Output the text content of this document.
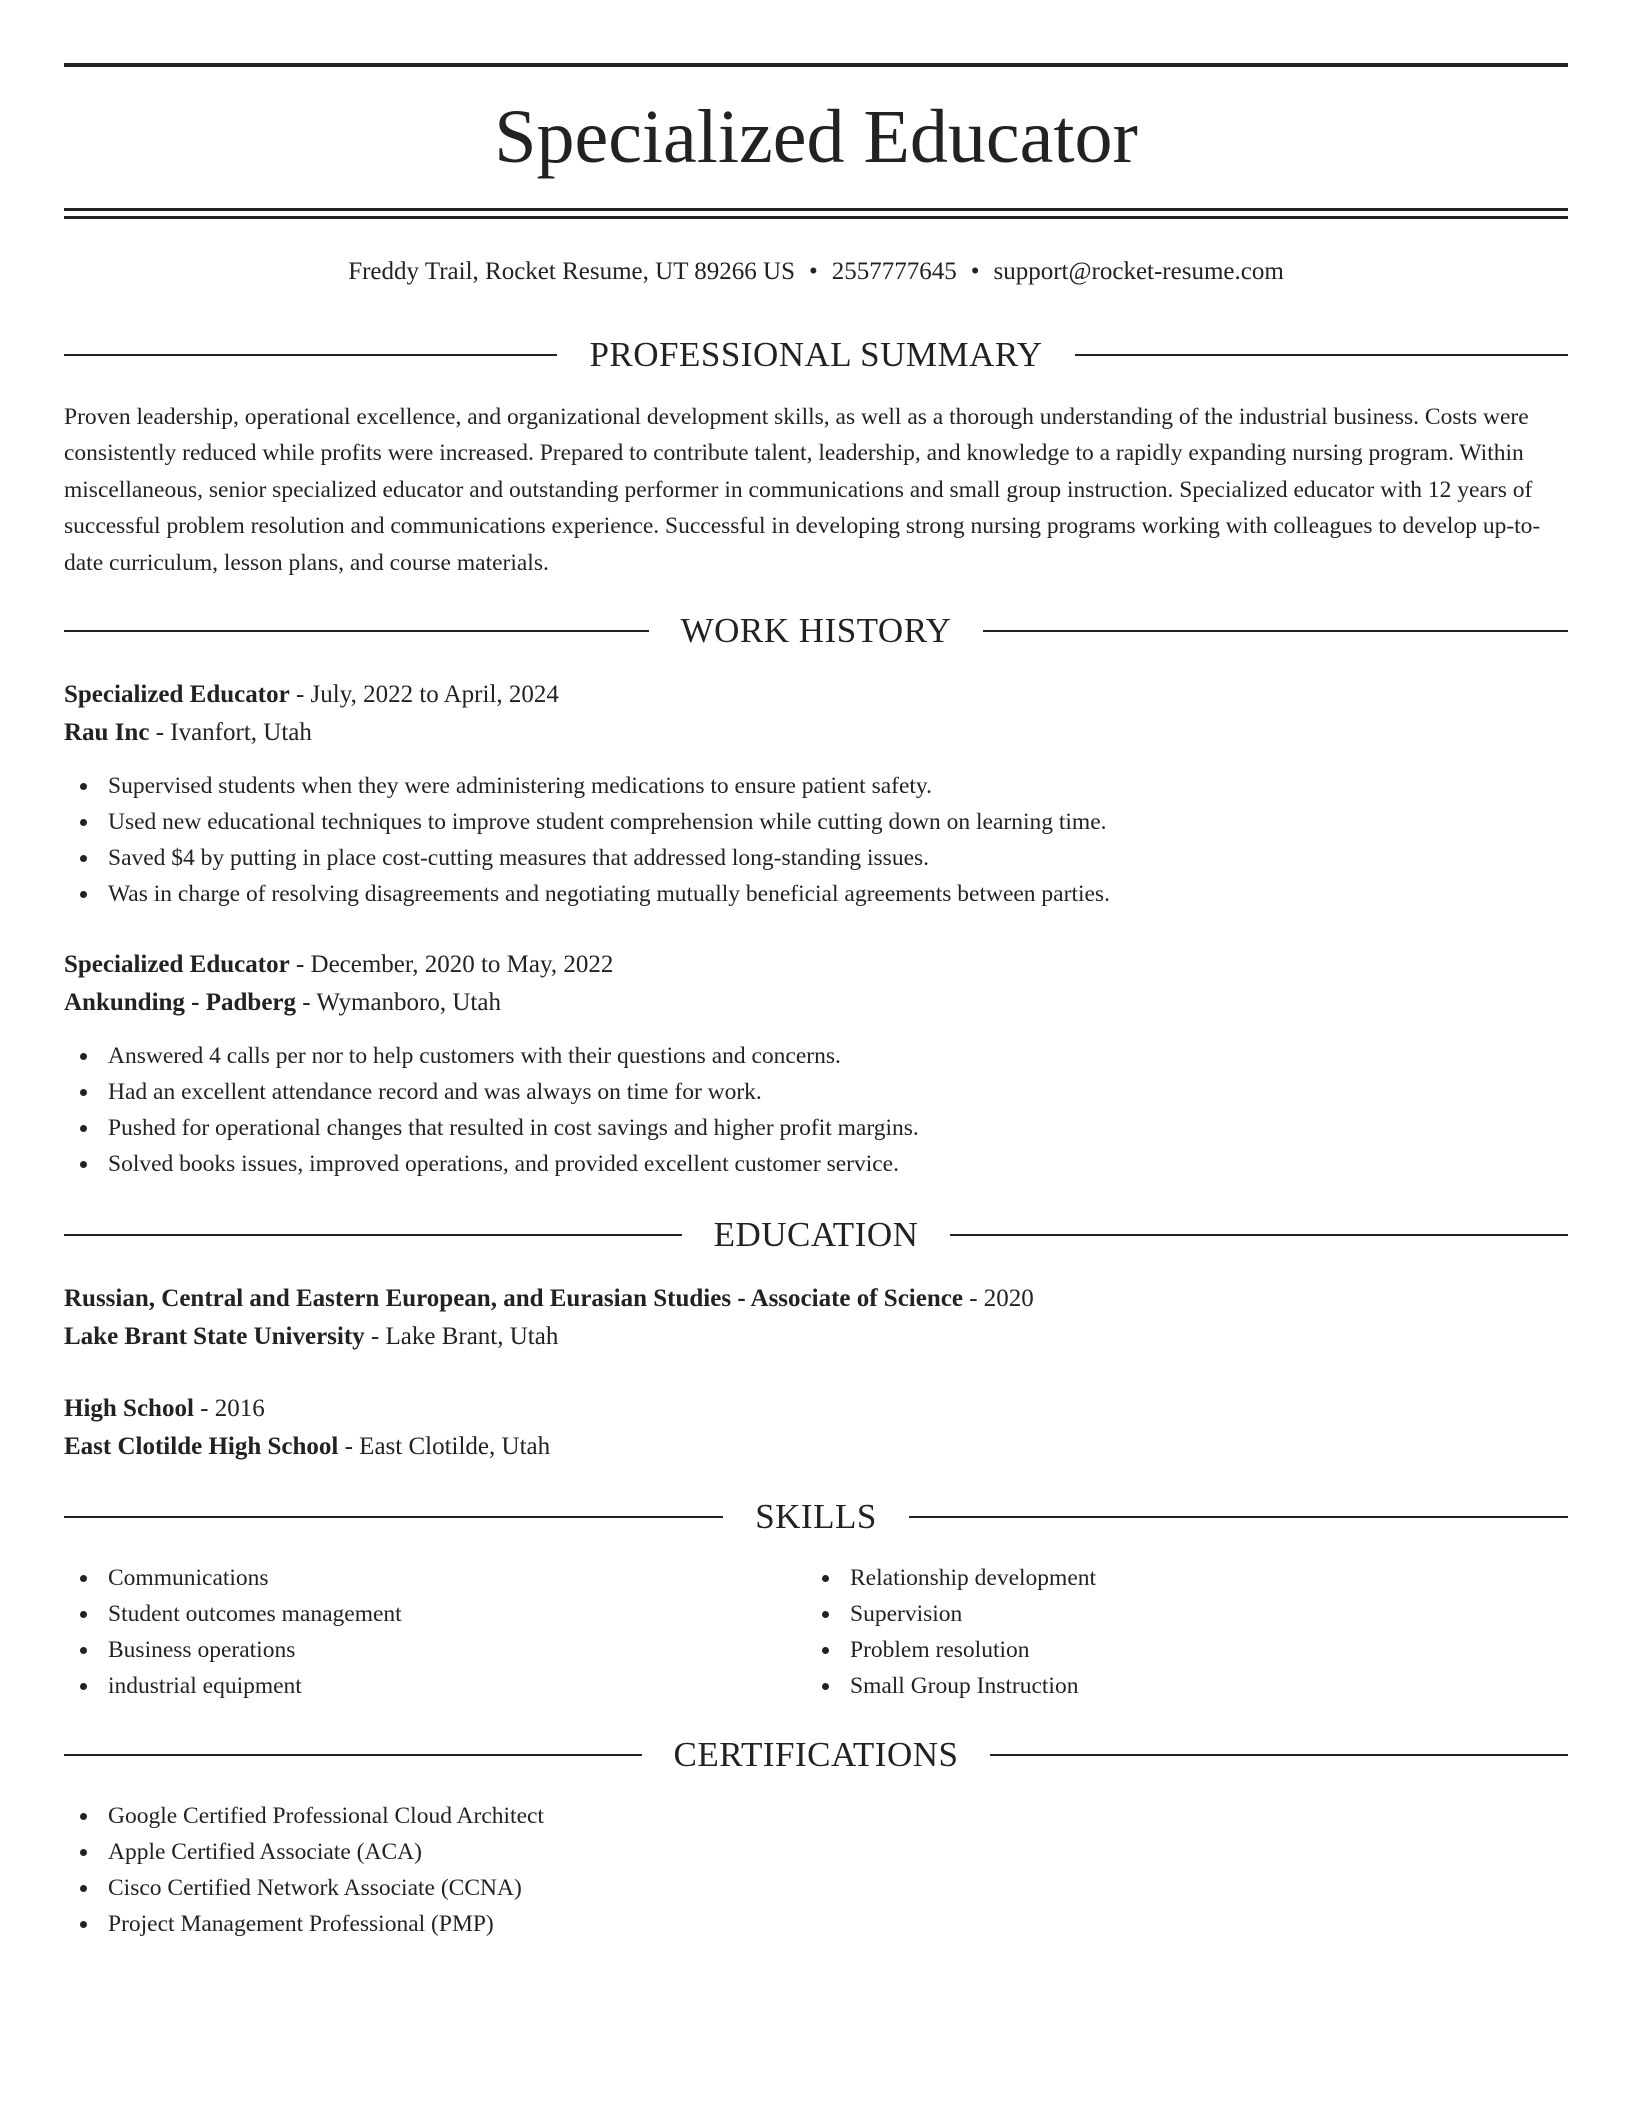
Specialized Educator
Freddy Trail, Rocket Resume, UT 89266 US • 2557777645 • support@rocket-resume.com
PROFESSIONAL SUMMARY

Proven leadership, operational excellence, and organizational development skills, as well as a thorough understanding of the industrial business. Costs were consistently reduced while profits were increased. Prepared to contribute talent, leadership, and knowledge to a rapidly expanding nursing program. Within miscellaneous, senior specialized educator and outstanding performer in communications and small group instruction. Specialized educator with 12 years of successful problem resolution and communications experience. Successful in developing strong nursing programs working with colleagues to develop up-to-date curriculum, lesson plans, and course materials.

WORK HISTORY
Specialized Educator - July, 2022 to April, 2024
Rau Inc - Ivanfort, Utah
Supervised students when they were administering medications to ensure patient safety.
Used new educational techniques to improve student comprehension while cutting down on learning time.
Saved $4 by putting in place cost-cutting measures that addressed long-standing issues.
Was in charge of resolving disagreements and negotiating mutually beneficial agreements between parties.
Specialized Educator - December, 2020 to May, 2022
Ankunding - Padberg - Wymanboro, Utah
Answered 4 calls per nor to help customers with their questions and concerns.
Had an excellent attendance record and was always on time for work.
Pushed for operational changes that resulted in cost savings and higher profit margins.
Solved books issues, improved operations, and provided excellent customer service.
EDUCATION
Russian, Central and Eastern European, and Eurasian Studies - Associate of Science - 2020
Lake Brant State University - Lake Brant, Utah
High School - 2016
East Clotilde High School - East Clotilde, Utah
SKILLS
Communications
Student outcomes management
Business operations
industrial equipment
Relationship development
Supervision
Problem resolution
Small Group Instruction
CERTIFICATIONS
Google Certified Professional Cloud Architect
Apple Certified Associate (ACA)
Cisco Certified Network Associate (CCNA)
Project Management Professional (PMP)
